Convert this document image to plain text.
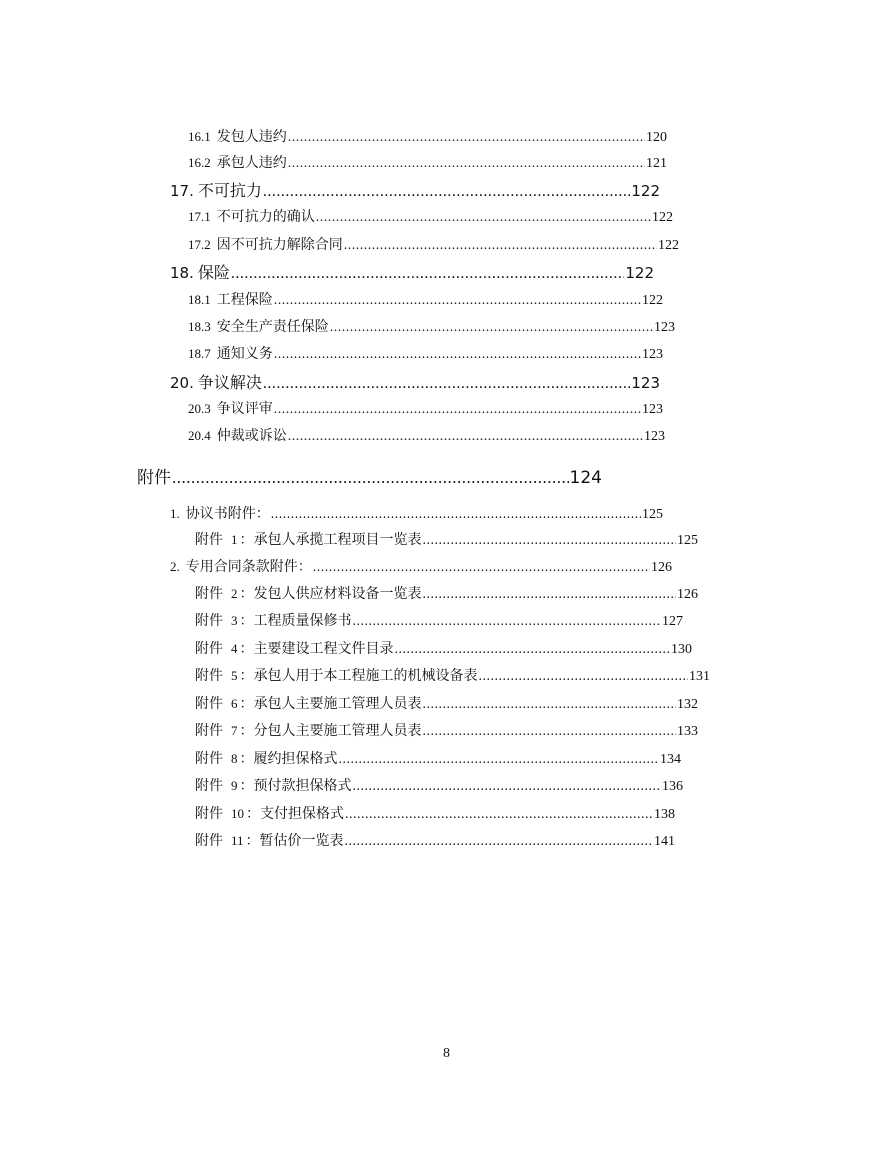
16.1 发包人违约 .....	120
16.2 承包人违约 .....	121
17. 不可抗力 .....	122
17.1 不可抗力的确认 .....	122
17.2 因不可抗力解除合同 .....	122
18. 保险 .....	122
18.1 工程保险 .....	122
18.3 安全生产责任保险 .....	123
18.7 通知义务 .....	123
20. 争议解决 .....	123
20.3 争议评审 .....	123
20.4 仲裁或诉讼 .....	123
附件 .....	124
1. 协议书附件： .....	125
附件 1 ：承包人承揽工程项目一览表 .....	125
2. 专用合同条款附件： .....	126
附件 2 ：发包人供应材料设备一览表 .....	126
附件 3 ：工程质量保修书 .....	127
附件 4 ：主要建设工程文件目录 .....	130
附件 5 ：承包人用于本工程施工的机械设备表 .....	131
附件 6 ：承包人主要施工管理人员表 .....	132
附件 7 ：分包人主要施工管理人员表 .....	133
附件 8 ：履约担保格式 .....	134
附件 9 ：预付款担保格式 .....	136
附件 10 ：支付担保格式 .....	138
附件 11 ：暂估价一览表 .....	141
8
